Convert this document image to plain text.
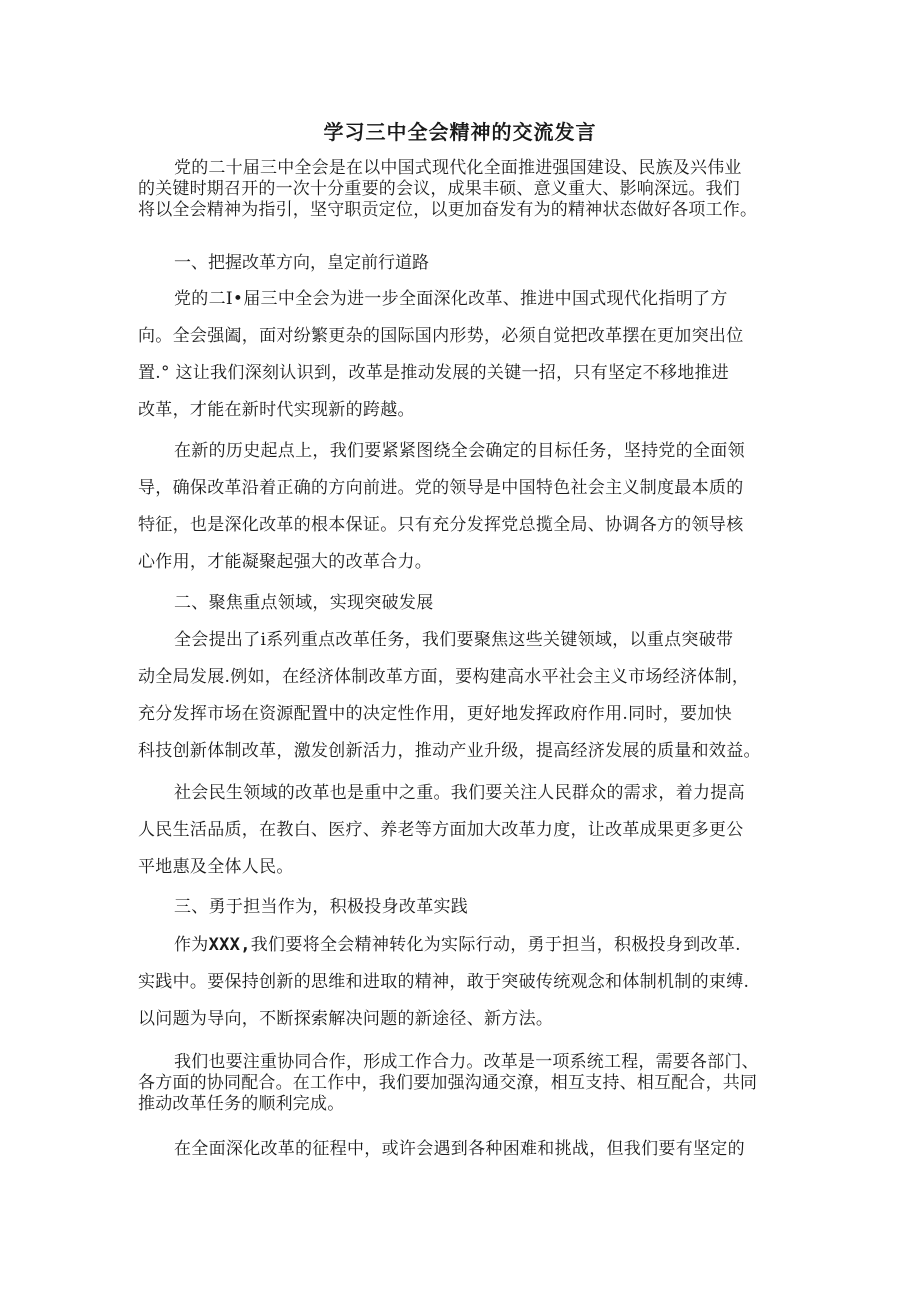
学习三中全会精神的交流发言
党的二十届三中全会是在以中国式现代化全面推进强国建设、民族及兴伟业
的关键时期召开的一次十分重要的会议，成果丰硕、意义重大、影响深远。我们
将以全会精神为指引，坚守职贡定位，以更加奋发有为的精神状态做好各项工作。
一、把握改革方向，皇定前行道路
党的二I•届三中全会为进一步全面深化改革、推进中国式现代化指明了方
向。全会强阖，面对纷繁更杂的国际国内形势，必须自觉把改革摆在更加突出位
置.° 这让我们深刻认识到，改革是推动发展的关键一招，只有坚定不移地推进
改革，才能在新时代实现新的跨越。
在新的历史起点上，我们要紧紧图绕全会确定的目标任务，坚持党的全面领
导，确保改革沿着正确的方向前进。党的领导是中国特色社会主义制度最本质的
特征，也是深化改革的根本保证。只有充分发挥党总揽全局、协调各方的领导核
心作用，才能凝聚起强大的改革合力。
二、聚焦重点领域，实现突破发展
全会提出了i系列重点改革任务，我们要聚焦这些关键领域，以重点突破带
动全局发展.例如，在经济体制改革方面，要构建高水平社会主义市场经济体制，
充分发挥市场在资源配置中的决定性作用，更好地发挥政府作用.同时，要加快
科技创新体制改革，激发创新活力，推动产业升级，提高经济发展的质量和效益。
社会民生领域的改革也是重中之重。我们要关注人民群众的需求，着力提高
人民生活品质，在教白、医疗、养老等方面加大改革力度，让改革成果更多更公
平地惠及全体人民。
三、勇于担当作为，积极投身改革实践
作为XXX,我们要将全会精神转化为实际行动，勇于担当，积极投身到改革.
实践中。要保持创新的思维和进取的精神，敢于突破传统观念和体制机制的束缚.
以问题为导向，不断探索解决问题的新途径、新方法。
我们也要注重协同合作，形成工作合力。改革是一项系统工程，需要各部门、
各方面的协同配合。在工作中，我们要加强沟通交潦，相互支持、相互配合，共同
推动改革任务的顺利完成。
在全面深化改革的征程中，或许会遇到各种困难和挑战，但我们要有坚定的
